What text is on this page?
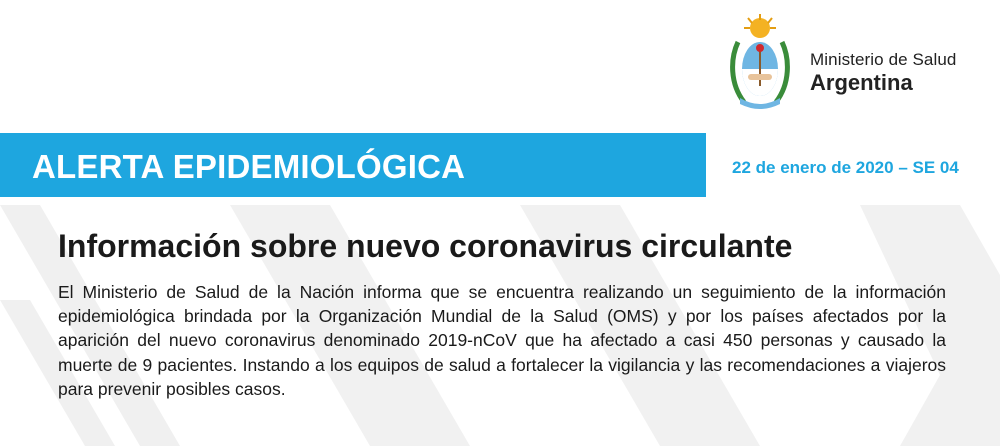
Ministerio de Salud
Argentina
ALERTA EPIDEMIOLÓGICA	22 de enero de 2020 – SE 04
Información sobre nuevo coronavirus circulante
El Ministerio de Salud de la Nación informa que se encuentra realizando un seguimiento de la información epidemiológica brindada por la Organización Mundial de la Salud (OMS) y por los países afectados por la aparición del nuevo coronavirus denominado 2019-nCoV que ha afectado a casi 450 personas y causado la muerte de 9 pacientes. Instando a los equipos de salud a fortalecer la vigilancia y las recomendaciones a viajeros para prevenir posibles casos.
